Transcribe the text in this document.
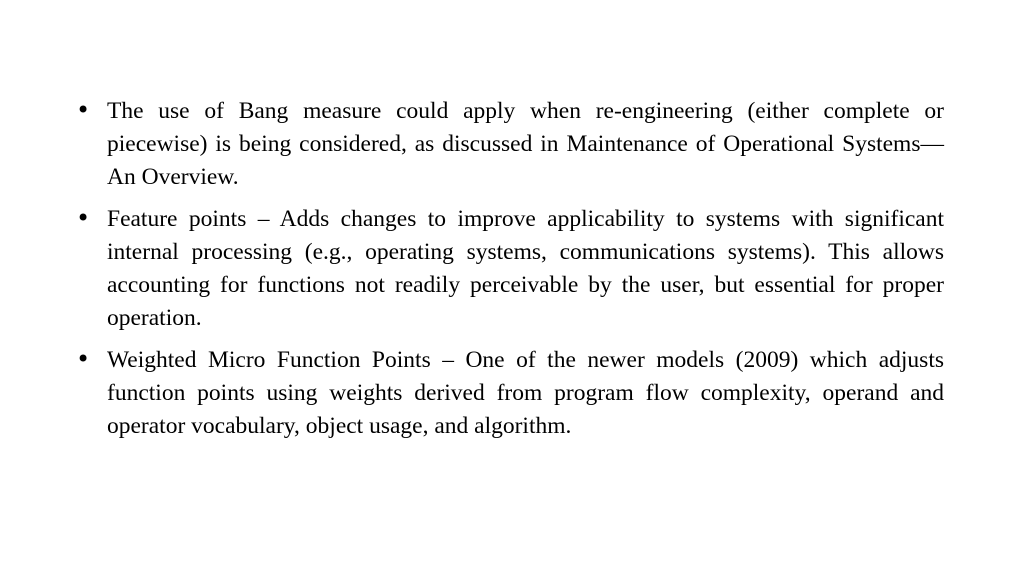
• The use of Bang measure could apply when re-engineering (either complete or piecewise) is being considered, as discussed in Maintenance of Operational Systems—An Overview.
• Feature points – Adds changes to improve applicability to systems with significant internal processing (e.g., operating systems, communications systems). This allows accounting for functions not readily perceivable by the user, but essential for proper operation.
• Weighted Micro Function Points – One of the newer models (2009) which adjusts function points using weights derived from program flow complexity, operand and operator vocabulary, object usage, and algorithm.
